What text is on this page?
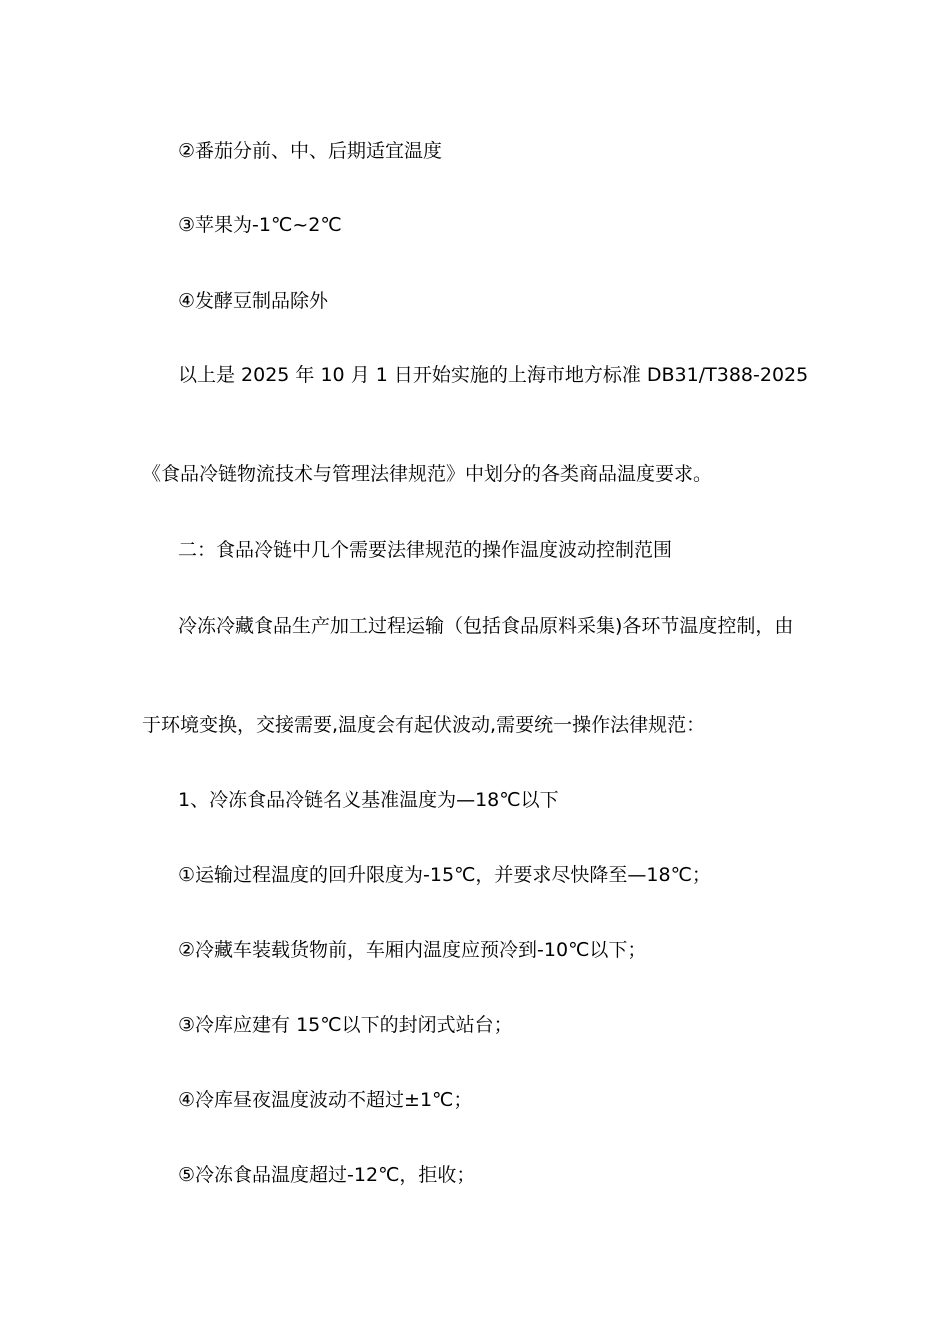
②番茄分前、中、后期适宜温度
③苹果为-1℃~2℃
④发酵豆制品除外
以上是 2025 年 10 月 1 日开始实施的上海市地方标准 DB31/T388-2025
《食品冷链物流技术与管理法律规范》中划分的各类商品温度要求。
二：食品冷链中几个需要法律规范的操作温度波动控制范围
冷冻冷藏食品生产加工过程运输（包括食品原料采集)各环节温度控制，由
于环境变换，交接需要,温度会有起伏波动,需要统一操作法律规范：
1、冷冻食品冷链名义基准温度为—18℃以下
①运输过程温度的回升限度为-15℃，并要求尽快降至—18℃；
②冷藏车装载货物前，车厢内温度应预冷到-10℃以下；
③冷库应建有 15℃以下的封闭式站台；
④冷库昼夜温度波动不超过±1℃；
⑤冷冻食品温度超过-12℃，拒收；
